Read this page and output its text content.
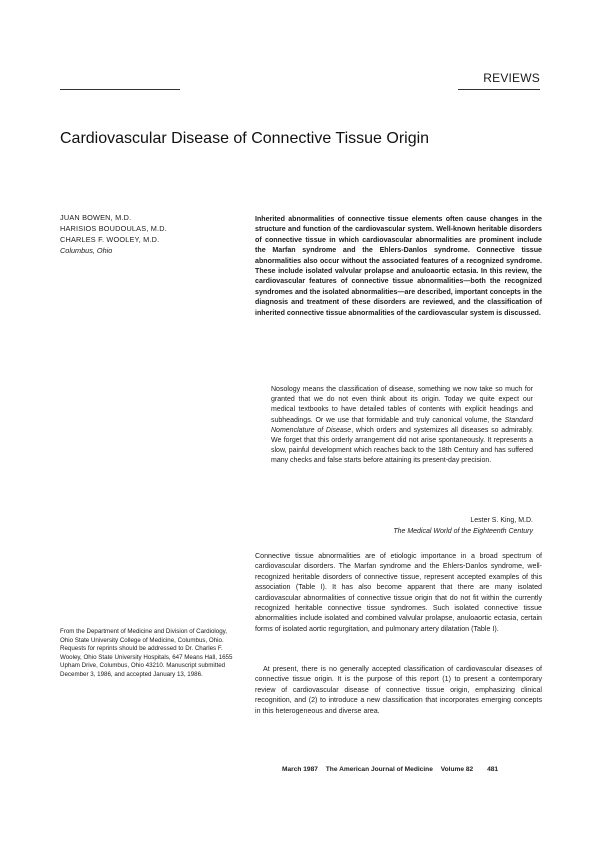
REVIEWS
Cardiovascular Disease of Connective Tissue Origin
JUAN BOWEN, M.D.
HARISIOS BOUDOULAS, M.D.
CHARLES F. WOOLEY, M.D.
Columbus, Ohio

Inherited abnormalities of connective tissue elements often cause changes in the structure and function of the cardiovascular system. Well-known heritable disorders of connective tissue in which cardiovascular abnormalities are prominent include the Marfan syndrome and the Ehlers-Danlos syndrome. Connective tissue abnormalities also occur without the associated features of a recognized syndrome. These include isolated valvular prolapse and anuloaortic ectasia. In this review, the cardiovascular features of connective tissue abnormalities—both the recognized syndromes and the isolated abnormalities—are described, important concepts in the diagnosis and treatment of these disorders are reviewed, and the classification of inherited connective tissue abnormalities of the cardiovascular system is discussed.

Nosology means the classification of disease, something we now take so much for granted that we do not even think about its origin. Today we quite expect our medical textbooks to have detailed tables of contents with explicit headings and subheadings. Or we use that formidable and truly canonical volume, the Standard Nomenclature of Disease, which orders and systemizes all diseases so admirably. We forget that this orderly arrangement did not arise spontaneously. It represents a slow, painful development which reaches back to the 18th Century and has suffered many checks and false starts before attaining its present-day precision.

Lester S. King, M.D.
The Medical World of the Eighteenth Century

Connective tissue abnormalities are of etiologic importance in a broad spectrum of cardiovascular disorders. The Marfan syndrome and the Ehlers-Danlos syndrome, well-recognized heritable disorders of connective tissue, represent accepted examples of this association (Table I). It has also become apparent that there are many isolated cardiovascular abnormalities of connective tissue origin that do not fit within the currently recognized heritable connective tissue syndromes. Such isolated connective tissue abnormalities include isolated and combined valvular prolapse, anuloaortic ectasia, certain forms of isolated aortic regurgitation, and pulmonary artery dilatation (Table I).

At present, there is no generally accepted classification of cardiovascular diseases of connective tissue origin. It is the purpose of this report (1) to present a contemporary review of cardiovascular disease of connective tissue origin, emphasizing clinical recognition, and (2) to introduce a new classification that incorporates emerging concepts in this heterogeneous and diverse area.

From the Department of Medicine and Division of Cardiology, Ohio State University College of Medicine, Columbus, Ohio. Requests for reprints should be addressed to Dr. Charles F. Wooley, Ohio State University Hospitals, 647 Means Hall, 1655 Upham Drive, Columbus, Ohio 43210. Manuscript submitted December 3, 1986, and accepted January 13, 1986.

March 1987 The American Journal of Medicine Volume 82 481
